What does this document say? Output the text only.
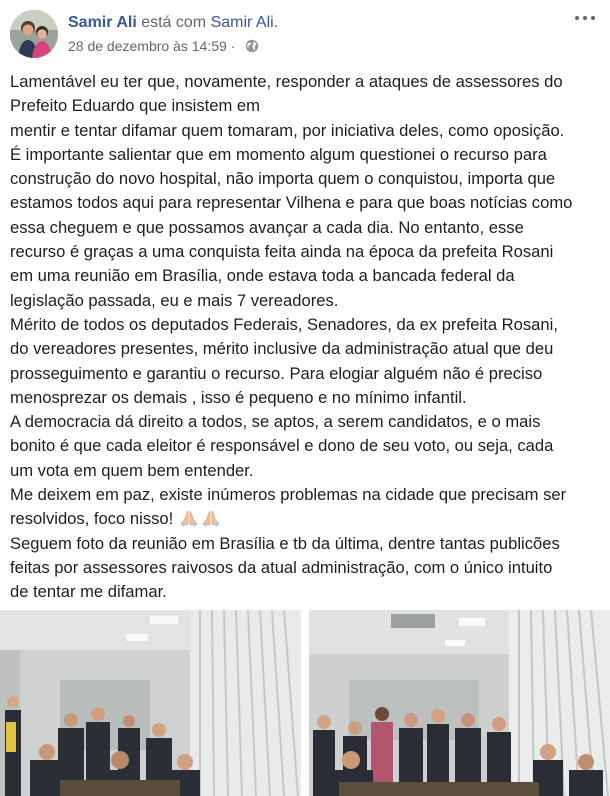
Samir Ali está com Samir Ali.
28 de dezembro às 14:59 ·

Lamentável eu ter que, novamente, responder a ataques de assessores do
Prefeito Eduardo que insistem em
mentir e tentar difamar quem tomaram, por iniciativa deles, como oposição.

É importante salientar que em momento algum questionei o recurso para
construção do novo hospital, não importa quem o conquistou, importa que
estamos todos aqui para representar Vilhena e para que boas notícias como
essa cheguem e que possamos avançar a cada dia. No entanto, esse
recurso é graças a uma conquista feita ainda na época da prefeita Rosani
em uma reunião em Brasília, onde estava toda a bancada federal da
legislação passada, eu e mais 7 vereadores.

Mérito de todos os deputados Federais, Senadores, da ex prefeita Rosani,
do vereadores presentes, mérito inclusive da administração atual que deu
prosseguimento e garantiu o recurso. Para elogiar alguém não é preciso
menosprezar os demais , isso é pequeno e no mínimo infantil.

A democracia dá direito a todos, se aptos, a serem candidatos, e o mais
bonito é que cada eleitor é responsável e dono de seu voto, ou seja, cada
um vota em quem bem entender.

Me deixem em paz, existe inúmeros problemas na cidade que precisam ser
resolvidos, foco nisso!

Seguem foto da reunião em Brasília e tb da última, dentre tantas publicões
feitas por assessores raivosos da atual administração, com o único intuito
de tentar me difamar.
